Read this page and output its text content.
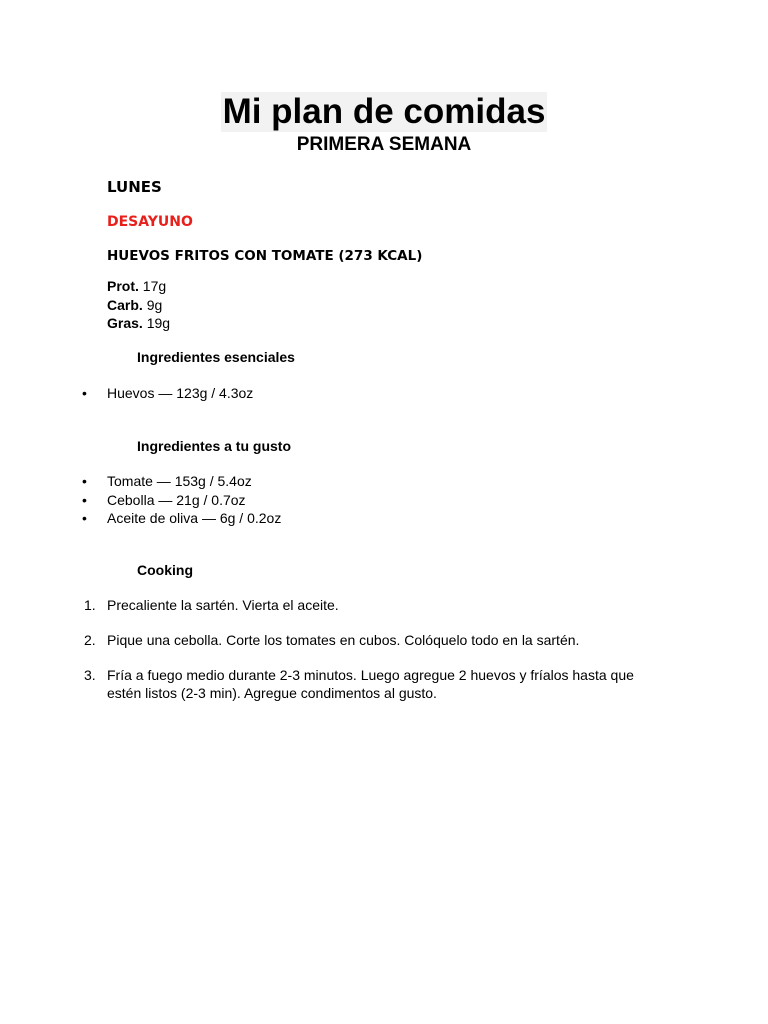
Mi plan de comidas
PRIMERA SEMANA
LUNES
DESAYUNO
HUEVOS FRITOS CON TOMATE (273 KCAL)
Prot. 17g
Carb. 9g
Gras. 19g
Ingredientes esenciales
• Huevos — 123g / 4.3oz
Ingredientes a tu gusto
• Tomate — 153g / 5.4oz
• Cebolla — 21g / 0.7oz
• Aceite de oliva — 6g / 0.2oz
Cooking
1. Precaliente la sartén. Vierta el aceite.
2. Pique una cebolla. Corte los tomates en cubos. Colóquelo todo en la sartén.
3. Fría a fuego medio durante 2-3 minutos. Luego agregue 2 huevos y fríalos hasta que estén listos (2-3 min). Agregue condimentos al gusto.
